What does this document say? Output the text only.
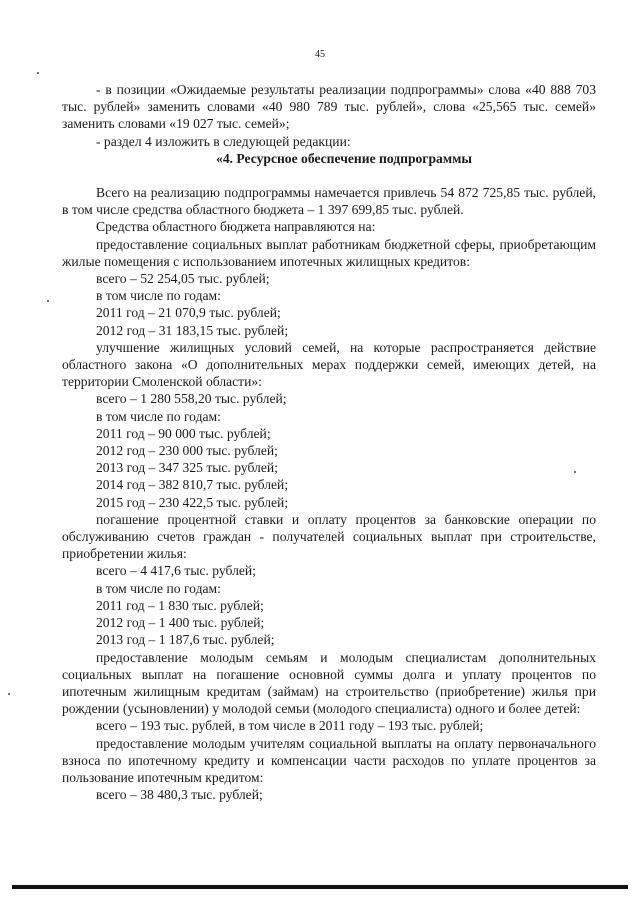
45

- в позиции «Ожидаемые результаты реализации подпрограммы» слова «40 888 703 тыс. рублей» заменить словами «40 980 789 тыс. рублей», слова «25,565 тыс. семей» заменить словами «19 027 тыс. семей»;

- раздел 4 изложить в следующей редакции:

«4. Ресурсное обеспечение подпрограммы

Всего на реализацию подпрограммы намечается привлечь 54 872 725,85 тыс. рублей, в том числе средства областного бюджета – 1 397 699,85 тыс. рублей.

Средства областного бюджета направляются на:

предоставление социальных выплат работникам бюджетной сферы, приобретающим жилые помещения с использованием ипотечных жилищных кредитов:

всего – 52 254,05 тыс. рублей;

в том числе по годам:

2011 год – 21 070,9 тыс. рублей;

2012 год – 31 183,15 тыс. рублей;

улучшение жилищных условий семей, на которые распространяется действие областного закона «О дополнительных мерах поддержки семей, имеющих детей, на территории Смоленской области»:

всего – 1 280 558,20 тыс. рублей;

в том числе по годам:

2011 год – 90 000 тыс. рублей;

2012 год – 230 000 тыс. рублей;

2013 год – 347 325 тыс. рублей;

2014 год – 382 810,7 тыс. рублей;

2015 год – 230 422,5 тыс. рублей;

погашение процентной ставки и оплату процентов за банковские операции по обслуживанию счетов граждан - получателей социальных выплат при строительстве, приобретении жилья:

всего – 4 417,6 тыс. рублей;

в том числе по годам:

2011 год – 1 830 тыс. рублей;

2012 год – 1 400 тыс. рублей;

2013 год – 1 187,6 тыс. рублей;

предоставление молодым семьям и молодым специалистам дополнительных социальных выплат на погашение основной суммы долга и уплату процентов по ипотечным жилищным кредитам (займам) на строительство (приобретение) жилья при рождении (усыновлении) у молодой семьи (молодого специалиста) одного и более детей:

всего – 193 тыс. рублей, в том числе в 2011 году – 193 тыс. рублей;

предоставление молодым учителям социальной выплаты на оплату первоначального взноса по ипотечному кредиту и компенсации части расходов по уплате процентов за пользование ипотечным кредитом:

всего – 38 480,3 тыс. рублей;
